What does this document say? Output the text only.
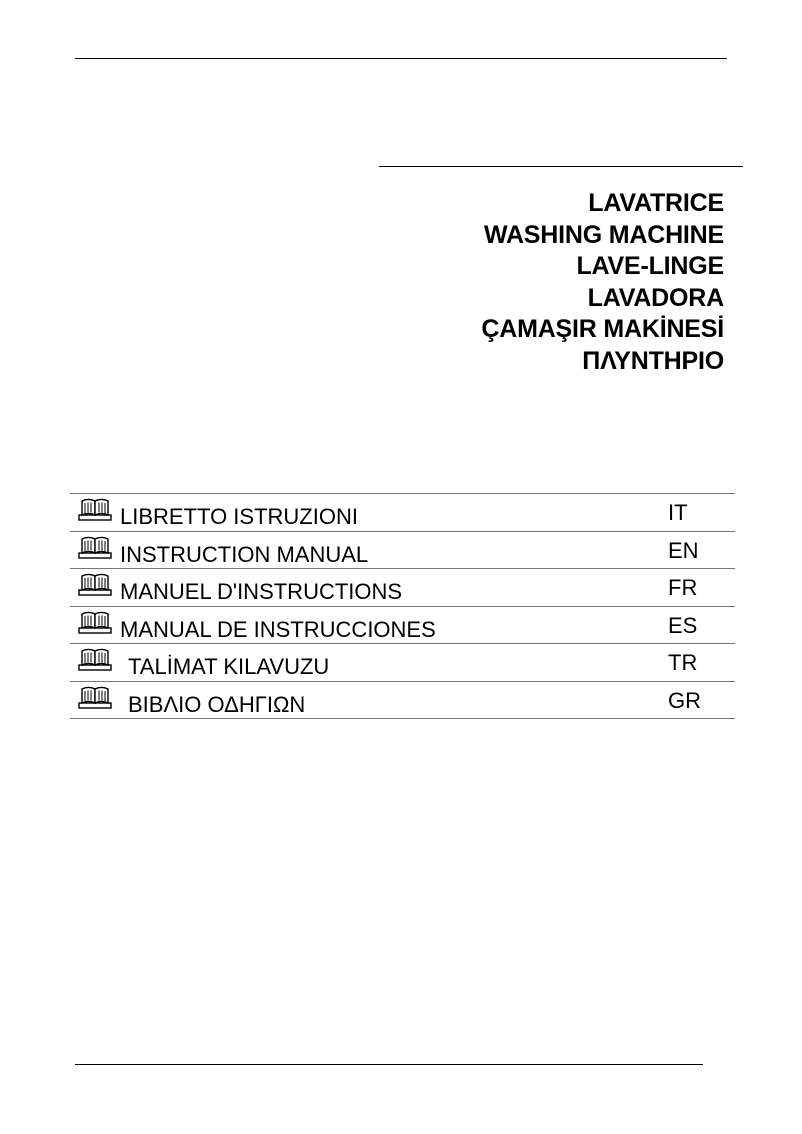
LAVATRICE
WASHING MACHINE
LAVE-LINGE
LAVADORA
ÇAMAŞIR MAKİNESİ
ΠΛΥΝΤΗΡΙΟ
LIBRETTO ISTRUZIONI	IT
INSTRUCTION MANUAL	EN
MANUEL D'INSTRUCTIONS	FR
MANUAL DE INSTRUCCIONES	ES
TALİMAT KILAVUZU	TR
ΒΙΒΛΙΟ ΟΔΗΓΙΩΝ	GR
